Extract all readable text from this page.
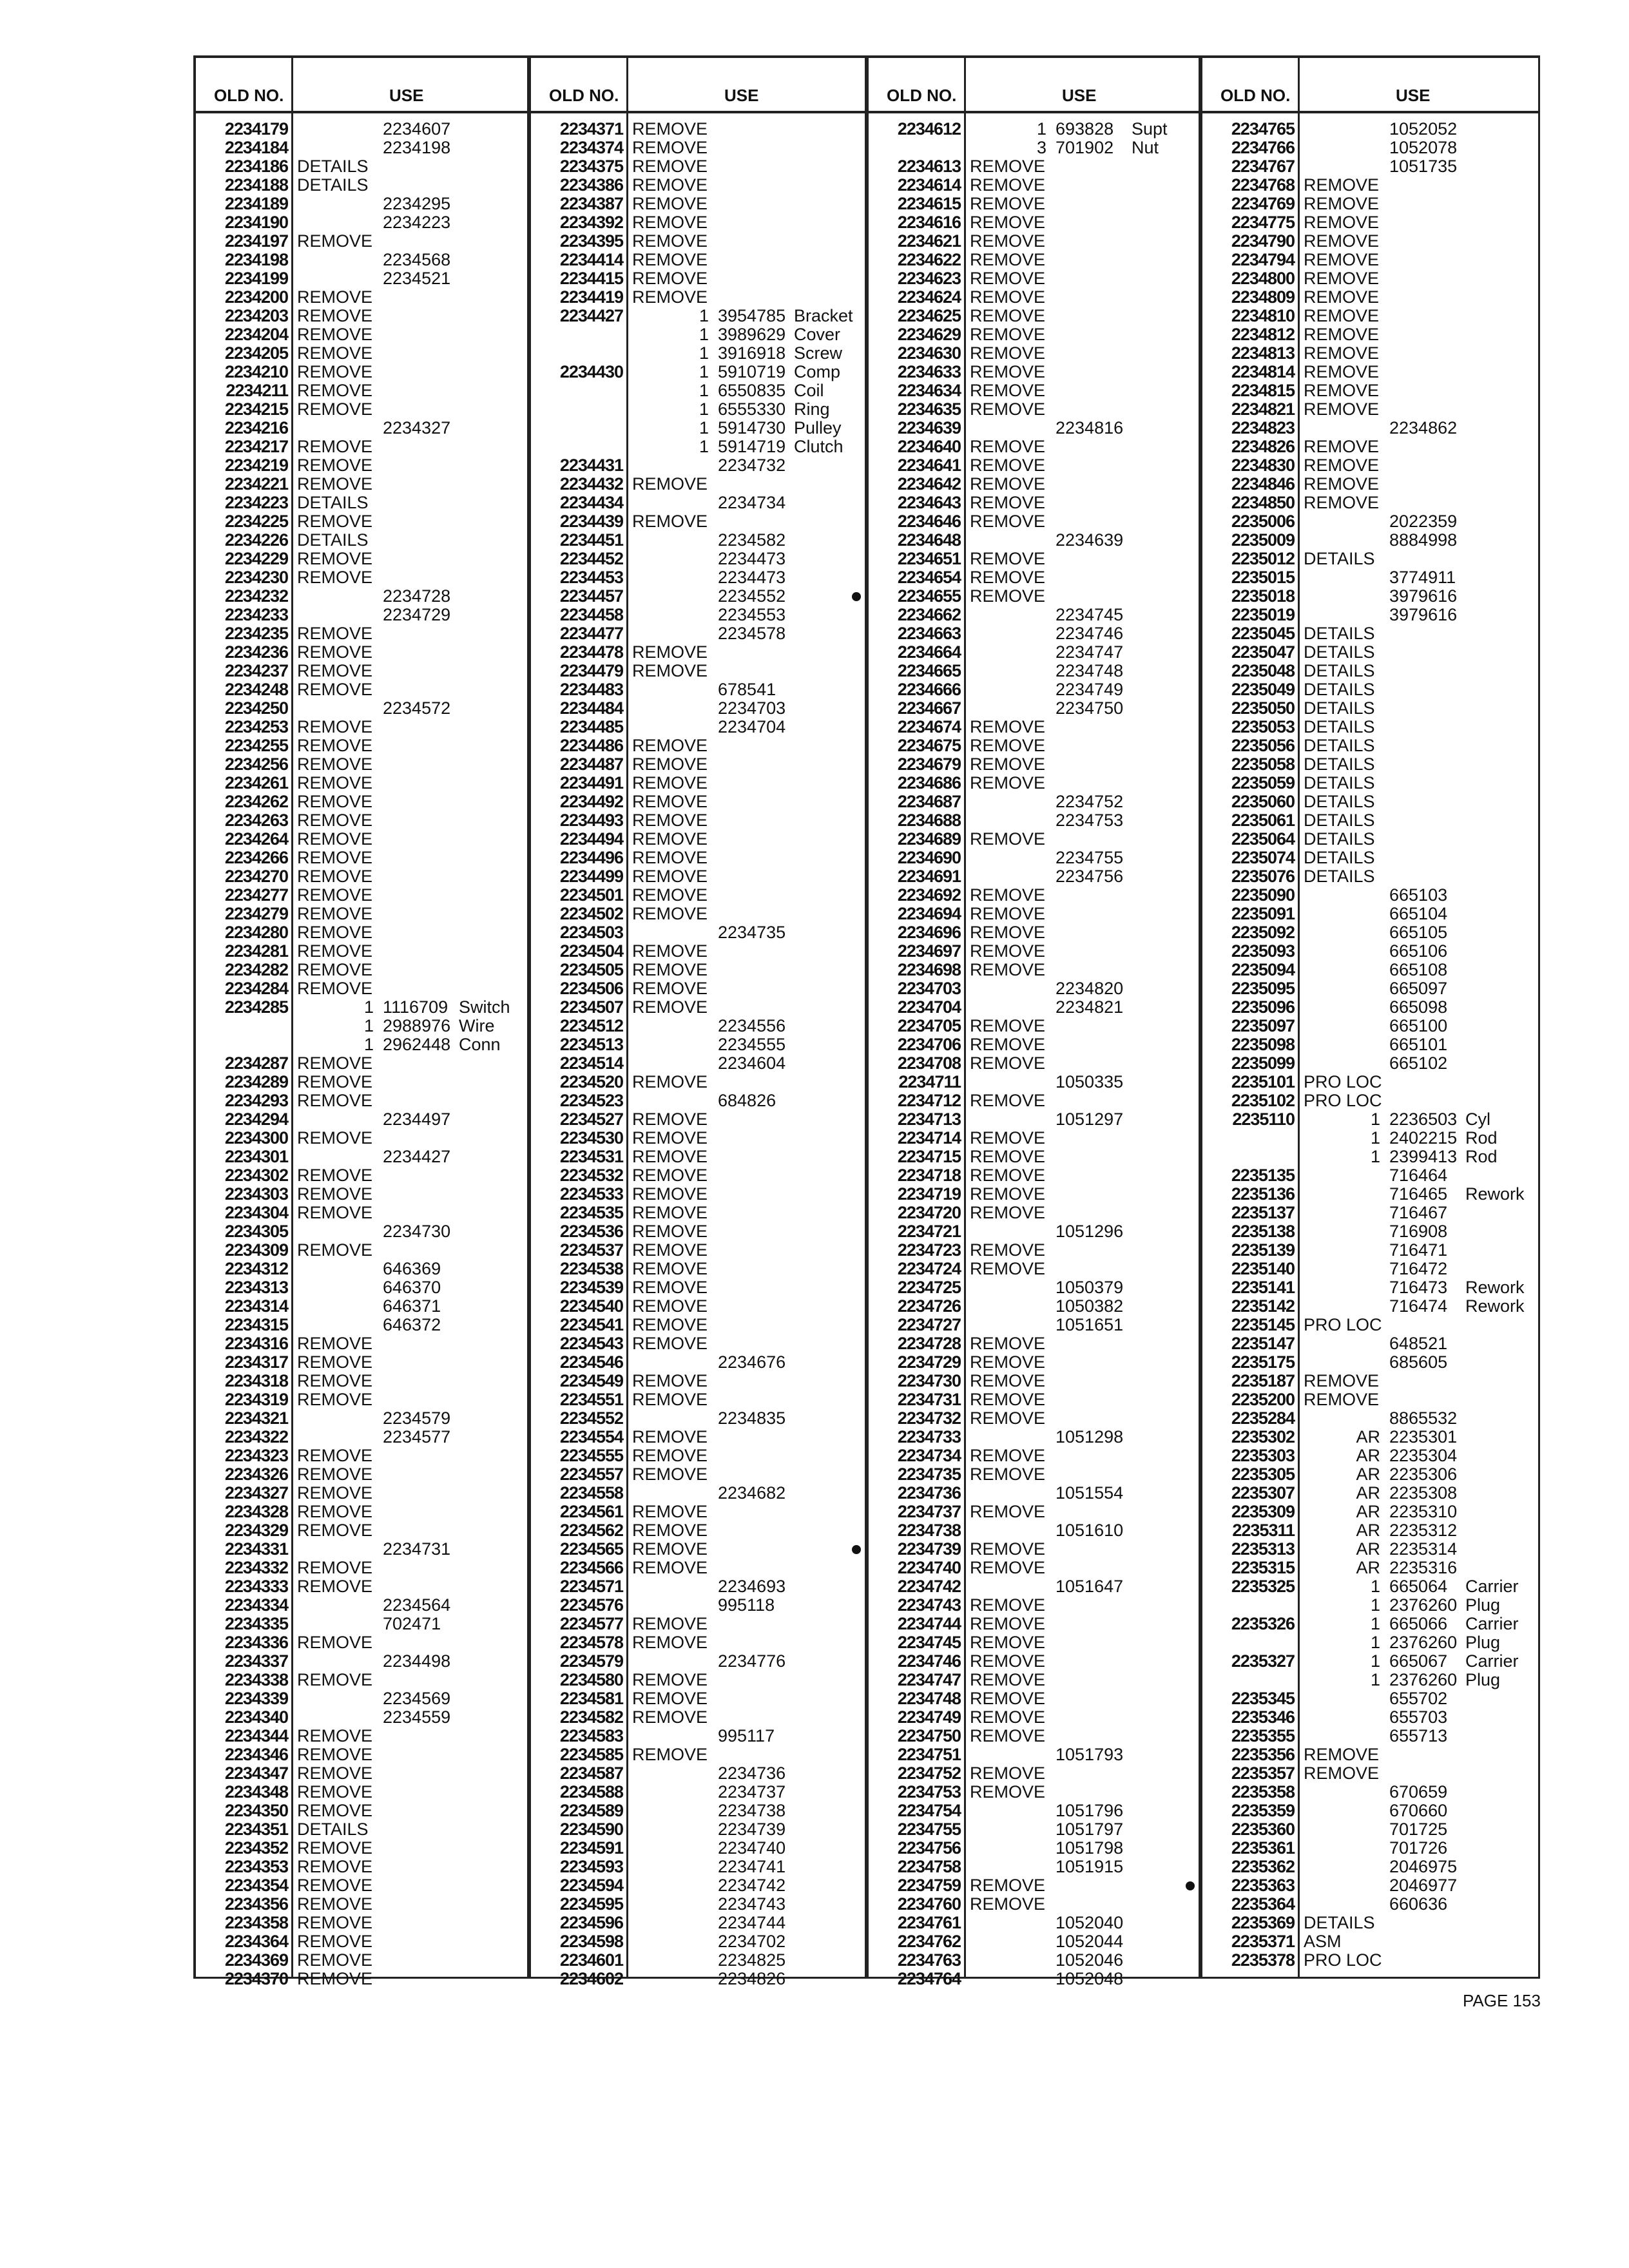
OLD NO.	USE
2234179	2234607
2234184	2234198
2234186 DETAILS
2234188 DETAILS
2234189	2234295
2234190	2234223
2234197 REMOVE
2234198	2234568
2234199	2234521
2234200 REMOVE
2234203 REMOVE
2234204 REMOVE
2234205 REMOVE
2234210 REMOVE
2234211 REMOVE
2234215 REMOVE
2234216	2234327
2234217 REMOVE
2234219 REMOVE
2234221 REMOVE
2234223 DETAILS
2234225 REMOVE
2234226 DETAILS
2234229 REMOVE
2234230 REMOVE
2234232	2234728
2234233	2234729
2234235 REMOVE
2234236 REMOVE
2234237 REMOVE
2234248 REMOVE
2234250	2234572
2234253 REMOVE
2234255 REMOVE
2234256 REMOVE
2234261 REMOVE
2234262 REMOVE
2234263 REMOVE
2234264 REMOVE
2234266 REMOVE
2234270 REMOVE
2234277 REMOVE
2234279 REMOVE
2234280 REMOVE
2234281 REMOVE
2234282 REMOVE
2234284 REMOVE
2234285	1 1116709 Switch
1 2988976 Wire
1 2962448 Conn
2234287 REMOVE
2234289 REMOVE
2234293 REMOVE
2234294	2234497
2234300 REMOVE
2234301	2234427
2234302 REMOVE
2234303 REMOVE
2234304 REMOVE
2234305	2234730
2234309 REMOVE
2234312	646369
2234313	646370
2234314	646371
2234315	646372
2234316 REMOVE
2234317 REMOVE
2234318 REMOVE
2234319 REMOVE
2234321	2234579
2234322	2234577
2234323 REMOVE
2234326 REMOVE
2234327 REMOVE
2234328 REMOVE
2234329 REMOVE
2234331	2234731
2234332 REMOVE
2234333 REMOVE
2234334	2234564
2234335	702471
2234336 REMOVE
2234337	2234498
2234338 REMOVE
2234339	2234569
2234340	2234559
2234344 REMOVE
2234346 REMOVE
2234347 REMOVE
2234348 REMOVE
2234350 REMOVE
2234351 DETAILS
2234352 REMOVE
2234353 REMOVE
2234354 REMOVE
2234356 REMOVE
2234358 REMOVE
2234364 REMOVE
2234369 REMOVE
2234370 REMOVE
OLD NO.	USE
2234371 REMOVE
2234374 REMOVE
2234375 REMOVE
2234386 REMOVE
2234387 REMOVE
2234392 REMOVE
2234395 REMOVE
2234414 REMOVE
2234415 REMOVE
2234419 REMOVE
2234427	1 3954785 Bracket
1 3989629 Cover
1 3916918 Screw
2234430	1 5910719 Comp
1 6550835 Coil
1 6555330 Ring
1 5914730 Pulley
1 5914719 Clutch
2234431	2234732
2234432 REMOVE
2234434	2234734
2234439 REMOVE
2234451	2234582
2234452	2234473
2234453	2234473
2234457	2234552
2234458	2234553
2234477	2234578
2234478 REMOVE
2234479 REMOVE
2234483	678541
2234484	2234703
2234485	2234704
2234486 REMOVE
2234487 REMOVE
2234491 REMOVE
2234492 REMOVE
2234493 REMOVE
2234494 REMOVE
2234496 REMOVE
2234499 REMOVE
2234501 REMOVE
2234502 REMOVE
2234503	2234735
2234504 REMOVE
2234505 REMOVE
2234506 REMOVE
2234507 REMOVE
2234512	2234556
2234513	2234555
2234514	2234604
2234520 REMOVE
2234523	684826
2234527 REMOVE
2234530 REMOVE
2234531 REMOVE
2234532 REMOVE
2234533 REMOVE
2234535 REMOVE
2234536 REMOVE
2234537 REMOVE
2234538 REMOVE
2234539 REMOVE
2234540 REMOVE
2234541 REMOVE
2234543 REMOVE
2234546	2234676
2234549 REMOVE
2234551 REMOVE
2234552	2234835
2234554 REMOVE
2234555 REMOVE
2234557 REMOVE
2234558	2234682
2234561 REMOVE
2234562 REMOVE
2234565 REMOVE
2234566 REMOVE
2234571	2234693
2234576	995118
2234577 REMOVE
2234578 REMOVE
2234579	2234776
2234580 REMOVE
2234581 REMOVE
2234582 REMOVE
2234583	995117
2234585 REMOVE
2234587	2234736
2234588	2234737
2234589	2234738
2234590	2234739
2234591	2234740
2234593	2234741
2234594	2234742
2234595	2234743
2234596	2234744
2234598	2234702
2234601	2234825
2234602	2234826
OLD NO.	USE
2234612	1 693828 Supt
3 701902 Nut
2234613 REMOVE
2234614 REMOVE
2234615 REMOVE
2234616 REMOVE
2234621 REMOVE
2234622 REMOVE
2234623 REMOVE
2234624 REMOVE
2234625 REMOVE
2234629 REMOVE
2234630 REMOVE
2234633 REMOVE
2234634 REMOVE
2234635 REMOVE
2234639	2234816
2234640 REMOVE
2234641 REMOVE
2234642 REMOVE
2234643 REMOVE
2234646 REMOVE
2234648	2234639
2234651 REMOVE
2234654 REMOVE
2234655 REMOVE
2234662	2234745
2234663	2234746
2234664	2234747
2234665	2234748
2234666	2234749
2234667	2234750
2234674 REMOVE
2234675 REMOVE
2234679 REMOVE
2234686 REMOVE
2234687	2234752
2234688	2234753
2234689 REMOVE
2234690	2234755
2234691	2234756
2234692 REMOVE
2234694 REMOVE
2234696 REMOVE
2234697 REMOVE
2234698 REMOVE
2234703	2234820
2234704	2234821
2234705 REMOVE
2234706 REMOVE
2234708 REMOVE
2234711	1050335
2234712 REMOVE
2234713	1051297
2234714 REMOVE
2234715 REMOVE
2234718 REMOVE
2234719 REMOVE
2234720 REMOVE
2234721	1051296
2234723 REMOVE
2234724 REMOVE
2234725	1050379
2234726	1050382
2234727	1051651
2234728 REMOVE
2234729 REMOVE
2234730 REMOVE
2234731 REMOVE
2234732 REMOVE
2234733	1051298
2234734 REMOVE
2234735 REMOVE
2234736	1051554
2234737 REMOVE
2234738	1051610
2234739 REMOVE
2234740 REMOVE
2234742	1051647
2234743 REMOVE
2234744 REMOVE
2234745 REMOVE
2234746 REMOVE
2234747 REMOVE
2234748 REMOVE
2234749 REMOVE
2234750 REMOVE
2234751	1051793
2234752 REMOVE
2234753 REMOVE
2234754	1051796
2234755	1051797
2234756	1051798
2234758	1051915
2234759 REMOVE
2234760 REMOVE
2234761	1052040
2234762	1052044
2234763	1052046
2234764	1052048
OLD NO.	USE
2234765	1052052
2234766	1052078
2234767	1051735
2234768 REMOVE
2234769 REMOVE
2234775 REMOVE
2234790 REMOVE
2234794 REMOVE
2234800 REMOVE
2234809 REMOVE
2234810 REMOVE
2234812 REMOVE
2234813 REMOVE
2234814 REMOVE
2234815 REMOVE
2234821 REMOVE
2234823	2234862
2234826 REMOVE
2234830 REMOVE
2234846 REMOVE
2234850 REMOVE
2235006	2022359
2235009	8884998
2235012 DETAILS
2235015	3774911
2235018	3979616
2235019	3979616
2235045 DETAILS
2235047 DETAILS
2235048 DETAILS
2235049 DETAILS
2235050 DETAILS
2235053 DETAILS
2235056 DETAILS
2235058 DETAILS
2235059 DETAILS
2235060 DETAILS
2235061 DETAILS
2235064 DETAILS
2235074 DETAILS
2235076 DETAILS
2235090	665103
2235091	665104
2235092	665105
2235093	665106
2235094	665108
2235095	665097
2235096	665098
2235097	665100
2235098	665101
2235099	665102
2235101 PRO LOC
2235102 PRO LOC
2235110	1 2236503 Cyl
1 2402215 Rod
1 2399413 Rod
2235135	716464
2235136	716465 Rework
2235137	716467
2235138	716908
2235139	716471
2235140	716472
2235141	716473 Rework
2235142	716474 Rework
2235145 PRO LOC
2235147	648521
2235175	685605
2235187 REMOVE
2235200 REMOVE
2235284	8865532
2235302	AR 2235301
2235303	AR 2235304
2235305	AR 2235306
2235307	AR 2235308
2235309	AR 2235310
2235311	AR 2235312
2235313	AR 2235314
2235315	AR 2235316
2235325	1 665064 Carrier
1 2376260 Plug
2235326	1 665066 Carrier
1 2376260 Plug
2235327	1 665067 Carrier
1 2376260 Plug
2235345	655702
2235346	655703
2235355	655713
2235356 REMOVE
2235357 REMOVE
2235358	670659
2235359	670660
2235360	701725
2235361	701726
2235362	2046975
2235363	2046977
2235364	660636
2235369 DETAILS
2235371 ASM
2235378 PRO LOC
PAGE 153
